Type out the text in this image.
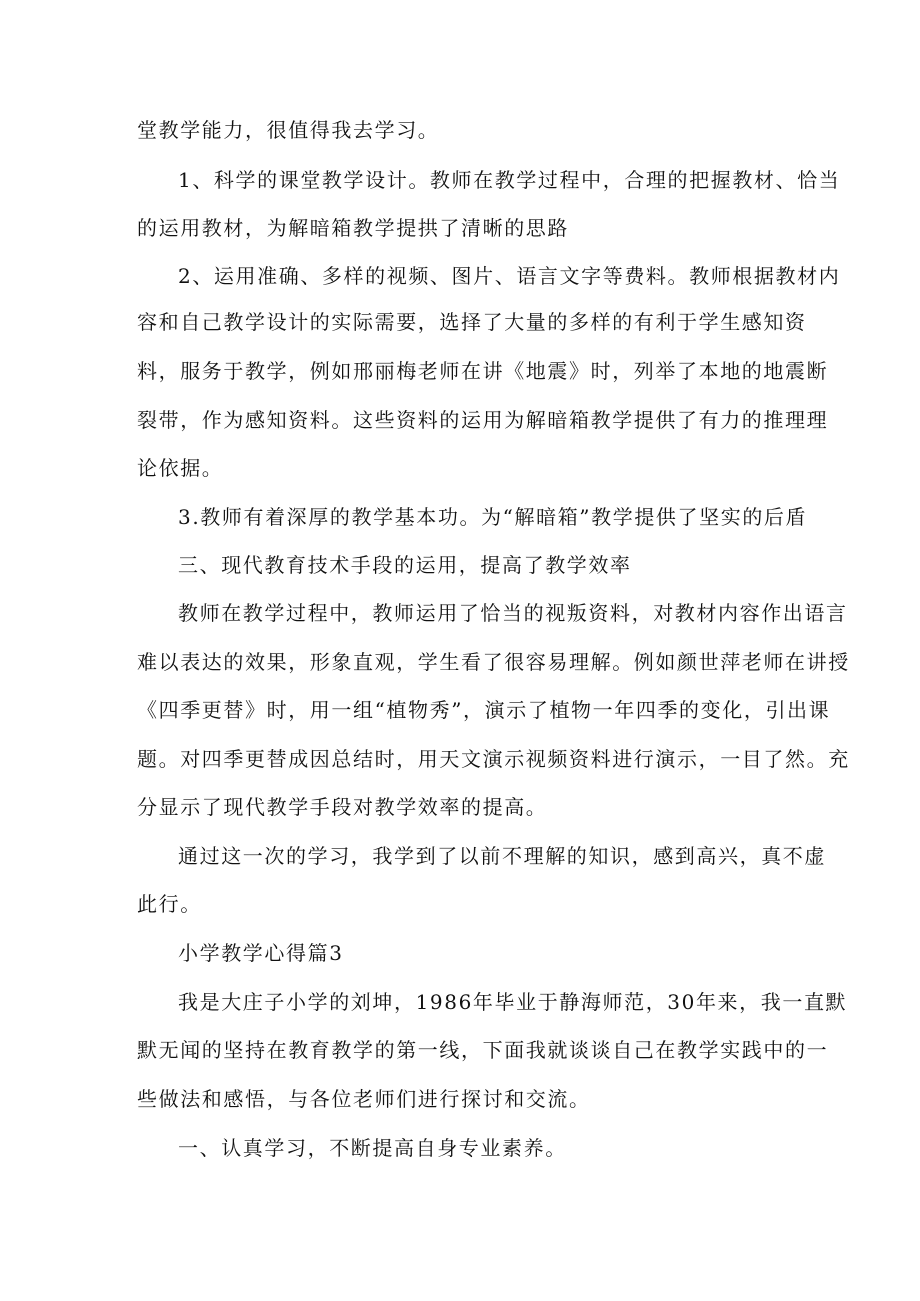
堂教学能力，很值得我去学习。
1、科学的课堂教学设计。教师在教学过程中，合理的把握教材、恰当
的运用教材，为解暗箱教学提拱了清晰的思路
2、运用准确、多样的视频、图片、语言文字等费料。教师根据教材内
容和自己教学设计的实际需要，选择了大量的多样的有利于学生感知资
料，服务于教学，例如邢丽梅老师在讲《地震》时，列举了本地的地震断
裂带，作为感知资料。这些资料的运用为解暗箱教学提供了有力的推理理
论依据。
3.教师有着深厚的教学基本功。为“解暗箱”教学提供了坚实的后盾
三、现代教育技术手段的运用，提高了教学效率
教师在教学过程中，教师运用了恰当的视叛资料，对教材内容作出语言
难以表达的效果，形象直观，学生看了很容易理解。例如颜世萍老师在讲授
《四季更替》时，用一组“植物秀”，演示了植物一年四季的变化，引出课
题。对四季更替成因总结时，用天文演示视频资料进行演示，一目了然。充
分显示了现代教学手段对教学效率的提高。
通过这一次的学习，我学到了以前不理解的知识，感到高兴，真不虚
此行。
小学教学心得篇3
我是大庄子小学的刘坤，1986年毕业于静海师范，30年来，我一直默
默无闻的坚持在教育教学的第一线，下面我就谈谈自己在教学实践中的一
些做法和感悟，与各位老师们进行探讨和交流。
一、认真学习，不断提高自身专业素养。
